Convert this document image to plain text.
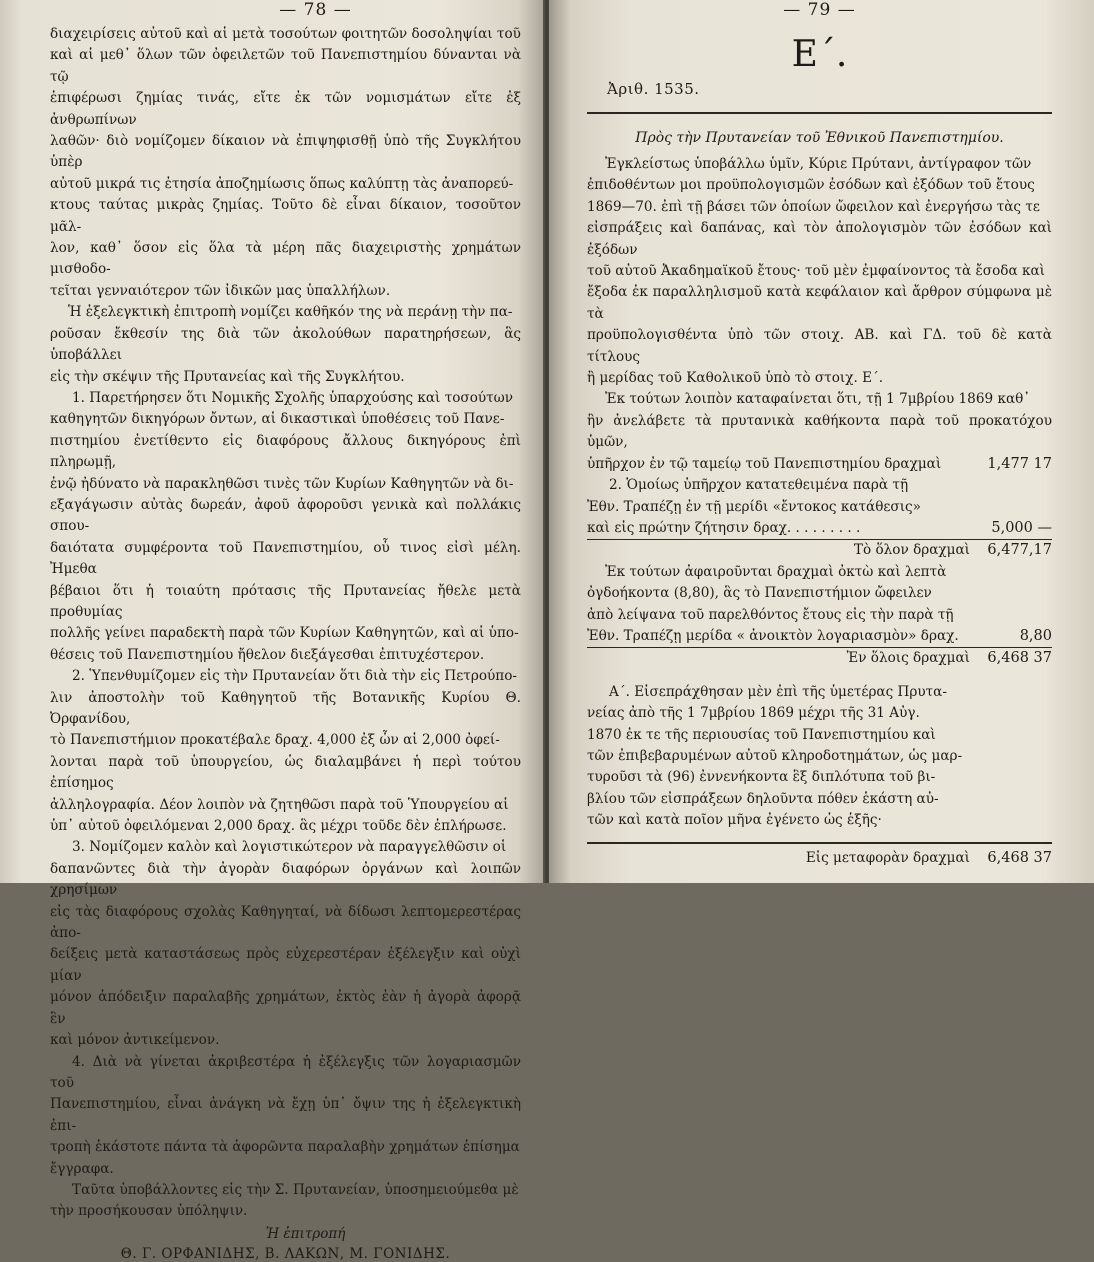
— 78 —

διαχειρίσεις αὐτοῦ καὶ αἱ μετὰ τοσούτων φοιτητῶν δοσοληψίαι τοῦ

καὶ αἱ μεθ᾿ ὅλων τῶν ὀφειλετῶν τοῦ Πανεπιστημίου δύνανται νὰ τῷ

ἐπιφέρωσι ζημίας τινάς, εἴτε ἐκ τῶν νομισμάτων εἴτε ἐξ ἀνθρωπίνων

λαθῶν· διὸ νομίζομεν δίκαιον νὰ ἐπιψηφισθῇ ὑπὸ τῆς Συγκλήτου ὑπὲρ

αὐτοῦ μικρά τις ἐτησία ἀποζημίωσις ὅπως καλύπτῃ τὰς ἀναπορεύ-

κτους ταύτας μικρὰς ζημίας. Τοῦτο δὲ εἶναι δίκαιον, τοσοῦτον μᾶλ-

λον, καθ᾿ ὅσον εἰς ὅλα τὰ μέρη πᾶς διαχειριστὴς χρημάτων μισθοδο-

τεῖται γενναιότερον τῶν ἰδικῶν μας ὑπαλλήλων.

Ἡ ἐξελεγκτικὴ ἐπιτροπὴ νομίζει καθῆκόν της νὰ περάνῃ τὴν πα-

ροῦσαν ἔκθεσίν της διὰ τῶν ἀκολούθων παρατηρήσεων, ἃς ὑποβάλλει

εἰς τὴν σκέψιν τῆς Πρυτανείας καὶ τῆς Συγκλήτου.

1. Παρετήρησεν ὅτι Νομικῆς Σχολῆς ὑπαρχούσης καὶ τοσούτων

καθηγητῶν δικηγόρων ὄντων, αἱ δικαστικαὶ ὑποθέσεις τοῦ Πανε-

πιστημίου ἐνετίθεντο εἰς διαφόρους ἄλλους δικηγόρους ἐπὶ πληρωμῇ,

ἐνῷ ἠδύνατο νὰ παρακληθῶσι τινὲς τῶν Κυρίων Καθηγητῶν νὰ δι-

εξαγάγωσιν αὐτὰς δωρεάν, ἀφοῦ ἀφοροῦσι γενικὰ καὶ πολλάκις σπου-

δαιότατα συμφέροντα τοῦ Πανεπιστημίου, οὗ τινος εἰσὶ μέλη. Ἠμεθα

βέβαιοι ὅτι ἡ τοιαύτη πρότασις τῆς Πρυτανείας ἤθελε μετὰ προθυμίας

πολλῆς γείνει παραδεκτὴ παρὰ τῶν Κυρίων Καθηγητῶν, καὶ αἱ ὑπο-

θέσεις τοῦ Πανεπιστημίου ἤθελον διεξάγεσθαι ἐπιτυχέστερον.

2. Ὑπενθυμίζομεν εἰς τὴν Πρυτανείαν ὅτι διὰ τὴν εἰς Πετρούπο-

λιν ἀποστολὴν τοῦ Καθηγητοῦ τῆς Βοτανικῆς Κυρίου Θ. Ὀρφανίδου,

τὸ Πανεπιστήμιον προκατέβαλε δραχ. 4,000 ἐξ ὧν αἱ 2,000 ὀφεί-

λονται παρὰ τοῦ ὑπουργείου, ὡς διαλαμβάνει ἡ περὶ τούτου ἐπίσημος

ἀλληλογραφία. Δέον λοιπὸν νὰ ζητηθῶσι παρὰ τοῦ Ὑπουργείου αἱ

ὑπ᾿ αὐτοῦ ὀφειλόμεναι 2,000 δραχ. ἃς μέχρι τοῦδε δὲν ἐπλήρωσε.

3. Νομίζομεν καλὸν καὶ λογιστικώτερον νὰ παραγγελθῶσιν οἱ

δαπανῶντες διὰ τὴν ἀγορὰν διαφόρων ὀργάνων καὶ λοιπῶν χρησίμων

εἰς τὰς διαφόρους σχολὰς Καθηγηταί, νὰ δίδωσι λεπτομερεστέρας ἀπο-

δείξεις μετὰ καταστάσεως πρὸς εὐχερεστέραν ἐξέλεγξιν καὶ οὐχὶ μίαν

μόνον ἀπόδειξιν παραλαβῆς χρημάτων, ἐκτὸς ἐὰν ἡ ἀγορὰ ἀφορᾷ ἓν

καὶ μόνον ἀντικείμενον.

4. Διὰ νὰ γίνεται ἀκριβεστέρα ἡ ἐξέλεγξις τῶν λογαριασμῶν τοῦ

Πανεπιστημίου, εἶναι ἀνάγκη νὰ ἔχῃ ὑπ᾿ ὄψιν της ἡ ἐξελεγκτικὴ ἐπι-

τροπὴ ἑκάστοτε πάντα τὰ ἀφορῶντα παραλαβὴν χρημάτων ἐπίσημα

ἔγγραφα.

Ταῦτα ὑποβάλλοντες εἰς τὴν Σ. Πρυτανείαν, ὑποσημειούμεθα μὲ

τὴν προσήκουσαν ὑπόληψιν.

Ἡ ἐπιτροπή
Θ. Γ. ΟΡΦΑΝΙΔΗΣ, Β. ΛΑΚΩΝ, Μ. ΓΟΝΙΔΗΣ.
— 79 —
Ε΄.
Ἀριθ. 1535.
Πρὸς τὴν Πρυτανείαν τοῦ Ἐθνικοῦ Πανεπιστημίου.

Ἐγκλείστως ὑποβάλλω ὑμῖν, Κύριε Πρύτανι, ἀντίγραφον τῶν

ἐπιδοθέντων μοι προϋπολογισμῶν ἐσόδων καὶ ἐξόδων τοῦ ἔτους

1869—70. ἐπὶ τῇ βάσει τῶν ὁποίων ὤφειλον καὶ ἐνεργήσω τὰς τε

εἰσπράξεις καὶ δαπάνας, καὶ τὸν ἀπολογισμὸν τῶν ἐσόδων καὶ ἐξόδων

τοῦ αὐτοῦ Ἀκαδημαϊκοῦ ἔτους· τοῦ μὲν ἐμφαίνοντος τὰ ἔσοδα καὶ

ἔξοδα ἐκ παραλληλισμοῦ κατὰ κεφάλαιον καὶ ἄρθρον σύμφωνα μὲ τὰ

προϋπολογισθέντα ὑπὸ τῶν στοιχ. ΑΒ. καὶ ΓΔ. τοῦ δὲ κατὰ τίτλους

ἢ μερίδας τοῦ Καθολικοῦ ὑπὸ τὸ στοιχ. Ε΄.

Ἐκ τούτων λοιπὸν καταφαίνεται ὅτι, τῇ 1 7μβρίου 1869 καθ᾿

ἣν ἀνελάβετε τὰ πρυτανικὰ καθήκοντα παρὰ τοῦ προκατόχου ὑμῶν,

ὑπῆρχον ἐν τῷ ταμείῳ τοῦ Πανεπιστημίου δραχμαὶ	1,477 17

2. Ὁμοίως ὑπῆρχον κατατεθειμένα παρὰ τῇ

Ἐθν. Τραπέζῃ ἐν τῇ μερίδι «ἔντοκος κατάθεσις»

καὶ εἰς πρώτην ζήτησιν δραχ. . . . . . . . .	5,000 —
Τὸ ὅλον δραχμαὶ	6,477,17

Ἐκ τούτων ἀφαιροῦνται δραχμαὶ ὀκτὼ καὶ λεπτὰ

ὀγδοήκοντα (8,80), ἃς τὸ Πανεπιστήμιον ὤφειλεν

ἀπὸ λείψανα τοῦ παρελθόντος ἔτους εἰς τὴν παρὰ τῇ

Ἐθν. Τραπέζῃ μερίδα « ἀνοικτὸν λογαριασμὸν» δραχ.	8,80
Ἐν ὅλοις δραχμαὶ	6,468 37

Α΄. Εἰσεπράχθησαν μὲν ἐπὶ τῆς ὑμετέρας Πρυτα-

νείας ἀπὸ τῆς 1 7μβρίου 1869 μέχρι τῆς 31 Αὐγ.

1870 ἐκ τε τῆς περιουσίας τοῦ Πανεπιστημίου καὶ

τῶν ἐπιβεβαρυμένων αὐτοῦ κληροδοτημάτων, ὡς μαρ-

τυροῦσι τὰ (96) ἐννενήκοντα ἓξ διπλότυπα τοῦ βι-

βλίου τῶν εἰσπράξεων δηλοῦντα πόθεν ἑκάστη αὐ-

τῶν καὶ κατὰ ποῖον μῆνα ἐγένετο ὡς ἑξῆς·

Εἰς μεταφορὰν δραχμαὶ	6,468 37
